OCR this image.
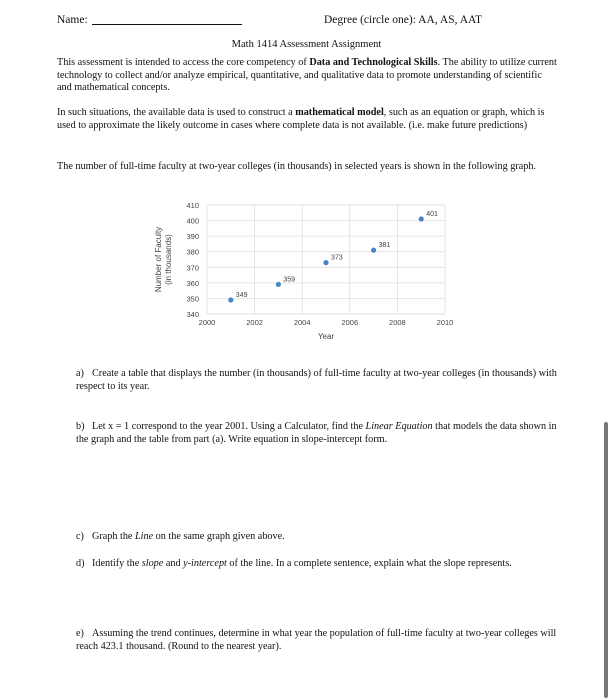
Name:	Degree (circle one): AA, AS, AAT
Math 1414 Assessment Assignment
This assessment is intended to access the core competency of Data and Technological Skills. The ability to utilize current technology to collect and/or analyze empirical, quantitative, and qualitative data to promote understanding of scientific and mathematical concepts.
In such situations, the available data is used to construct a mathematical model, such as an equation or graph, which is used to approximate the likely outcome in cases where complete data is not available. (i.e. make future predictions)
The number of full-time faculty at two-year colleges (in thousands) in selected years is shown in the following graph.
410
400
390
380
370
360
350
340
2000	2002	2004	2006	2008	2010
349
359
373
381
401
Number of Faculty (in thousands)
Year
a) Create a table that displays the number (in thousands) of full-time faculty at two-year colleges (in thousands) with respect to its year.
b) Let x = 1 correspond to the year 2001. Using a Calculator, find the Linear Equation that models the data shown in the graph and the table from part (a). Write equation in slope-intercept form.
c) Graph the Line on the same graph given above.
d) Identify the slope and y-intercept of the line. In a complete sentence, explain what the slope represents.
e) Assuming the trend continues, determine in what year the population of full-time faculty at two-year colleges will reach 423.1 thousand. (Round to the nearest year).
